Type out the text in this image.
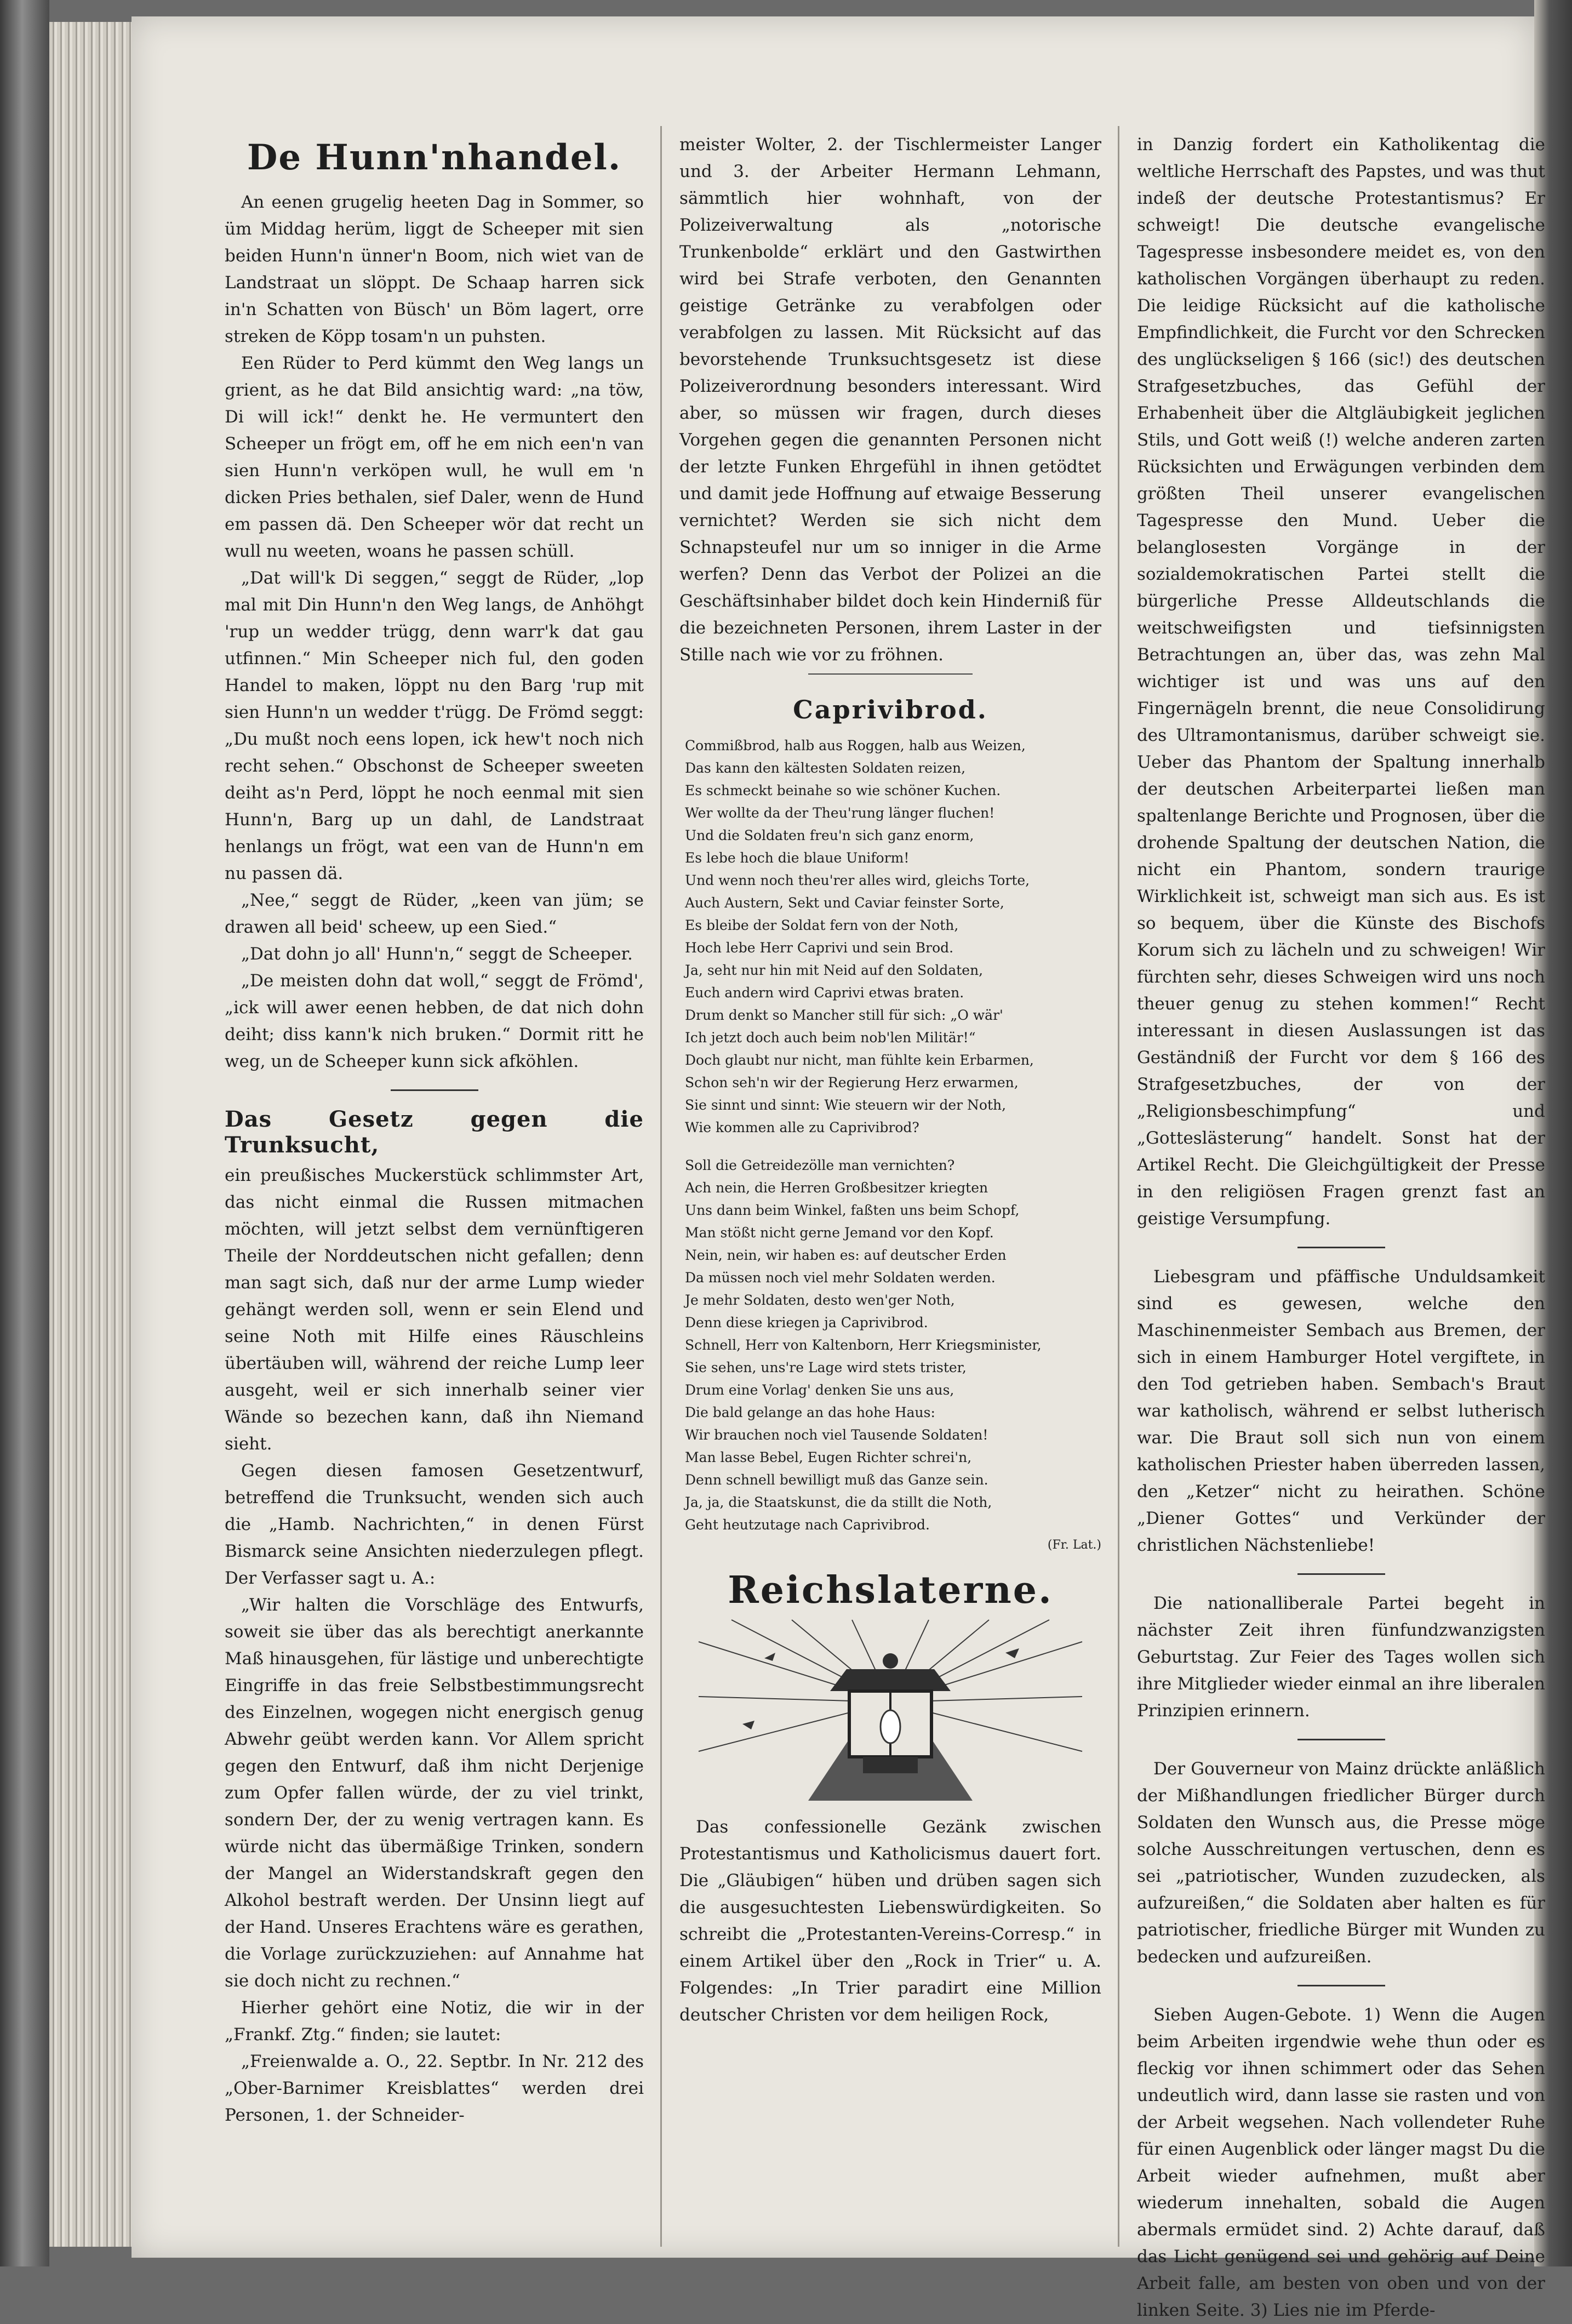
De Hunn'nhandel.

An eenen grugelig heeten Dag in Sommer, so üm Middag herüm, liggt de Scheeper mit sien beiden Hunn'n ünner'n Boom, nich wiet van de Landstraat un slöppt. De Schaap harren sick in'n Schatten von Büsch' un Böm lagert, orre streken de Köpp tosam'n un puhsten.

Een Rüder to Perd kümmt den Weg langs un grient, as he dat Bild ansichtig ward: „na töw, Di will ick!“ denkt he. He vermuntert den Scheeper un frögt em, off he em nich een'n van sien Hunn'n verköpen wull, he wull em 'n dicken Pries bethalen, sief Daler, wenn de Hund em passen dä. Den Scheeper wör dat recht un wull nu weeten, woans he passen schüll.

„Dat will'k Di seggen,“ seggt de Rüder, „lop mal mit Din Hunn'n den Weg langs, de Anhöhgt 'rup un wedder trügg, denn warr'k dat gau utfinnen.“ Min Scheeper nich ful, den goden Handel to maken, löppt nu den Barg 'rup mit sien Hunn'n un wedder t'rügg. De Frömd seggt: „Du mußt noch eens lopen, ick hew't noch nich recht sehen.“ Obschonst de Scheeper sweeten deiht as'n Perd, löppt he noch eenmal mit sien Hunn'n, Barg up un dahl, de Landstraat henlangs un frögt, wat een van de Hunn'n em nu passen dä.

„Nee,“ seggt de Rüder, „keen van jüm; se drawen all beid' scheew, up een Sied.“

„Dat dohn jo all' Hunn'n,“ seggt de Scheeper.

„De meisten dohn dat woll,“ seggt de Frömd', „ick will awer eenen hebben, de dat nich dohn deiht; diss kann'k nich bruken.“ Dormit ritt he weg, un de Scheeper kunn sick afköhlen.

Das Gesetz gegen die Trunksucht,

ein preußisches Muckerstück schlimmster Art, das nicht einmal die Russen mitmachen möchten, will jetzt selbst dem vernünftigeren Theile der Norddeutschen nicht gefallen; denn man sagt sich, daß nur der arme Lump wieder gehängt werden soll, wenn er sein Elend und seine Noth mit Hilfe eines Räuschleins übertäuben will, während der reiche Lump leer ausgeht, weil er sich innerhalb seiner vier Wände so bezechen kann, daß ihn Niemand sieht.

Gegen diesen famosen Gesetzentwurf, betreffend die Trunksucht, wenden sich auch die „Hamb. Nachrichten,“ in denen Fürst Bismarck seine Ansichten niederzulegen pflegt. Der Verfasser sagt u. A.:

„Wir halten die Vorschläge des Entwurfs, soweit sie über das als berechtigt anerkannte Maß hinausgehen, für lästige und unberechtigte Eingriffe in das freie Selbstbestimmungsrecht des Einzelnen, wogegen nicht energisch genug Abwehr geübt werden kann. Vor Allem spricht gegen den Entwurf, daß ihm nicht Derjenige zum Opfer fallen würde, der zu viel trinkt, sondern Der, der zu wenig vertragen kann. Es würde nicht das übermäßige Trinken, sondern der Mangel an Widerstandskraft gegen den Alkohol bestraft werden. Der Unsinn liegt auf der Hand. Unseres Erachtens wäre es gerathen, die Vorlage zurückzuziehen: auf Annahme hat sie doch nicht zu rechnen.“

Hierher gehört eine Notiz, die wir in der „Frankf. Ztg.“ finden; sie lautet:

„Freienwalde a. O., 22. Septbr. In Nr. 212 des „Ober-Barnimer Kreisblattes“ werden drei Personen, 1. der Schneider-

meister Wolter, 2. der Tischlermeister Langer und 3. der Arbeiter Hermann Lehmann, sämmtlich hier wohnhaft, von der Polizeiverwaltung als „notorische Trunkenbolde“ erklärt und den Gastwirthen wird bei Strafe verboten, den Genannten geistige Getränke zu verabfolgen oder verabfolgen zu lassen. Mit Rücksicht auf das bevorstehende Trunksuchtsgesetz ist diese Polizeiverordnung besonders interessant. Wird aber, so müssen wir fragen, durch dieses Vorgehen gegen die genannten Personen nicht der letzte Funken Ehrgefühl in ihnen getödtet und damit jede Hoffnung auf etwaige Besserung vernichtet? Werden sie sich nicht dem Schnapsteufel nur um so inniger in die Arme werfen? Denn das Verbot der Polizei an die Geschäftsinhaber bildet doch kein Hinderniß für die bezeichneten Personen, ihrem Laster in der Stille nach wie vor zu fröhnen.

Caprivibrod.
Commißbrod, halb aus Roggen, halb aus Weizen,
Das kann den kältesten Soldaten reizen,
Es schmeckt beinahe so wie schöner Kuchen.
Wer wollte da der Theu'rung länger fluchen!
Und die Soldaten freu'n sich ganz enorm,
Es lebe hoch die blaue Uniform!
Und wenn noch theu'rer alles wird, gleichs Torte,
Auch Austern, Sekt und Caviar feinster Sorte,
Es bleibe der Soldat fern von der Noth,
Hoch lebe Herr Caprivi und sein Brod.
Ja, seht nur hin mit Neid auf den Soldaten,
Euch andern wird Caprivi etwas braten.
Drum denkt so Mancher still für sich: „O wär'
Ich jetzt doch auch beim nob'len Militär!“
Doch glaubt nur nicht, man fühlte kein Erbarmen,
Schon seh'n wir der Regierung Herz erwarmen,
Sie sinnt und sinnt: Wie steuern wir der Noth,
Wie kommen alle zu Caprivibrod?
Soll die Getreidezölle man vernichten?
Ach nein, die Herren Großbesitzer kriegten
Uns dann beim Winkel, faßten uns beim Schopf,
Man stößt nicht gerne Jemand vor den Kopf.
Nein, nein, wir haben es: auf deutscher Erden
Da müssen noch viel mehr Soldaten werden.
Je mehr Soldaten, desto wen'ger Noth,
Denn diese kriegen ja Caprivibrod.
Schnell, Herr von Kaltenborn, Herr Kriegsminister,
Sie sehen, uns're Lage wird stets trister,
Drum eine Vorlag' denken Sie uns aus,
Die bald gelange an das hohe Haus:
Wir brauchen noch viel Tausende Soldaten!
Man lasse Bebel, Eugen Richter schrei'n,
Denn schnell bewilligt muß das Ganze sein.
Ja, ja, die Staatskunst, die da stillt die Noth,
Geht heutzutage nach Caprivibrod.
(Fr. Lat.)
Reichslaterne.

Das confessionelle Gezänk zwischen Protestantismus und Katholicismus dauert fort. Die „Gläubigen“ hüben und drüben sagen sich die ausgesuchtesten Liebenswürdigkeiten. So schreibt die „Protestanten-Vereins-Corresp.“ in einem Artikel über den „Rock in Trier“ u. A. Folgendes: „In Trier paradirt eine Million deutscher Christen vor dem heiligen Rock,

in Danzig fordert ein Katholikentag die weltliche Herrschaft des Papstes, und was thut indeß der deutsche Protestantismus? Er schweigt! Die deutsche evangelische Tagespresse insbesondere meidet es, von den katholischen Vorgängen überhaupt zu reden. Die leidige Rücksicht auf die katholische Empfindlichkeit, die Furcht vor den Schrecken des unglückseligen § 166 (sic!) des deutschen Strafgesetzbuches, das Gefühl der Erhabenheit über die Altgläubigkeit jeglichen Stils, und Gott weiß (!) welche anderen zarten Rücksichten und Erwägungen verbinden dem größten Theil unserer evangelischen Tagespresse den Mund. Ueber die belanglosesten Vorgänge in der sozialdemokratischen Partei stellt die bürgerliche Presse Alldeutschlands die weitschweifigsten und tiefsinnigsten Betrachtungen an, über das, was zehn Mal wichtiger ist und was uns auf den Fingernägeln brennt, die neue Consolidirung des Ultramontanismus, darüber schweigt sie. Ueber das Phantom der Spaltung innerhalb der deutschen Arbeiterpartei ließen man spaltenlange Berichte und Prognosen, über die drohende Spaltung der deutschen Nation, die nicht ein Phantom, sondern traurige Wirklichkeit ist, schweigt man sich aus. Es ist so bequem, über die Künste des Bischofs Korum sich zu lächeln und zu schweigen! Wir fürchten sehr, dieses Schweigen wird uns noch theuer genug zu stehen kommen!“ Recht interessant in diesen Auslassungen ist das Geständniß der Furcht vor dem § 166 des Strafgesetzbuches, der von der „Religionsbeschimpfung“ und „Gotteslästerung“ handelt. Sonst hat der Artikel Recht. Die Gleichgültigkeit der Presse in den religiösen Fragen grenzt fast an geistige Versumpfung.

Liebesgram und pfäffische Unduldsamkeit sind es gewesen, welche den Maschinenmeister Sembach aus Bremen, der sich in einem Hamburger Hotel vergiftete, in den Tod getrieben haben. Sembach's Braut war katholisch, während er selbst lutherisch war. Die Braut soll sich nun von einem katholischen Priester haben überreden lassen, den „Ketzer“ nicht zu heirathen. Schöne „Diener Gottes“ und Verkünder der christlichen Nächstenliebe!

Die nationalliberale Partei begeht in nächster Zeit ihren fünfundzwanzigsten Geburtstag. Zur Feier des Tages wollen sich ihre Mitglieder wieder einmal an ihre liberalen Prinzipien erinnern.

Der Gouverneur von Mainz drückte anläßlich der Mißhandlungen friedlicher Bürger durch Soldaten den Wunsch aus, die Presse möge solche Ausschreitungen vertuschen, denn es sei „patriotischer, Wunden zuzudecken, als aufzureißen,“ die Soldaten aber halten es für patriotischer, friedliche Bürger mit Wunden zu bedecken und aufzureißen.

Sieben Augen-Gebote. 1) Wenn die Augen beim Arbeiten irgendwie wehe thun oder es fleckig vor ihnen schimmert oder das Sehen undeutlich wird, dann lasse sie rasten und von der Arbeit wegsehen. Nach vollendeter Ruhe für einen Augenblick oder länger magst Du die Arbeit wieder aufnehmen, mußt aber wiederum innehalten, sobald die Augen abermals ermüdet sind. 2) Achte darauf, daß das Licht genügend sei und gehörig auf Deine Arbeit falle, am besten von oben und von der linken Seite. 3) Lies nie im Pferde-
